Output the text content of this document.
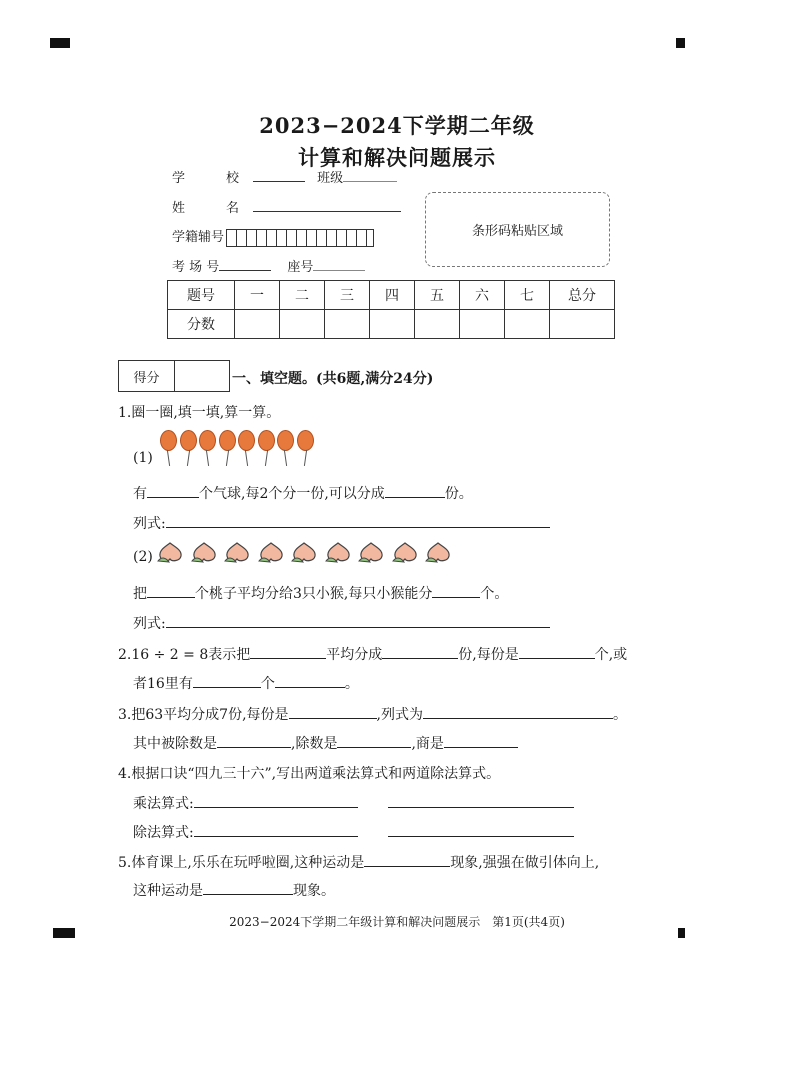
2023−2024下学期二年级
计算和解决问题展示
学　校	班级
姓　名
学籍辅号
考 场 号	座号
条形码粘贴区域
题号	一	二	三	四	五	六	七	总分
分数								
得分	一、填空题。(共6题,满分24分)
1.圈一圈,填一填,算一算。
(1)
有	个气球,每2个分一份,可以分成	份。
列式:
(2)
把	个桃子平均分给3只小猴,每只小猴能分	个。
列式:
2.16 ÷ 2 = 8表示把	平均分成	份,每份是	个,或
者16里有	个	。
3.把63平均分成7份,每份是	,列式为	。
其中被除数是	,除数是	,商是
4.根据口诀“四九三十六”,写出两道乘法算式和两道除法算式。
乘法算式:
除法算式:
5.体育课上,乐乐在玩呼啦圈,这种运动是	现象,强强在做引体向上,
这种运动是	现象。
2023−2024下学期二年级计算和解决问题展示　第1页(共4页)
